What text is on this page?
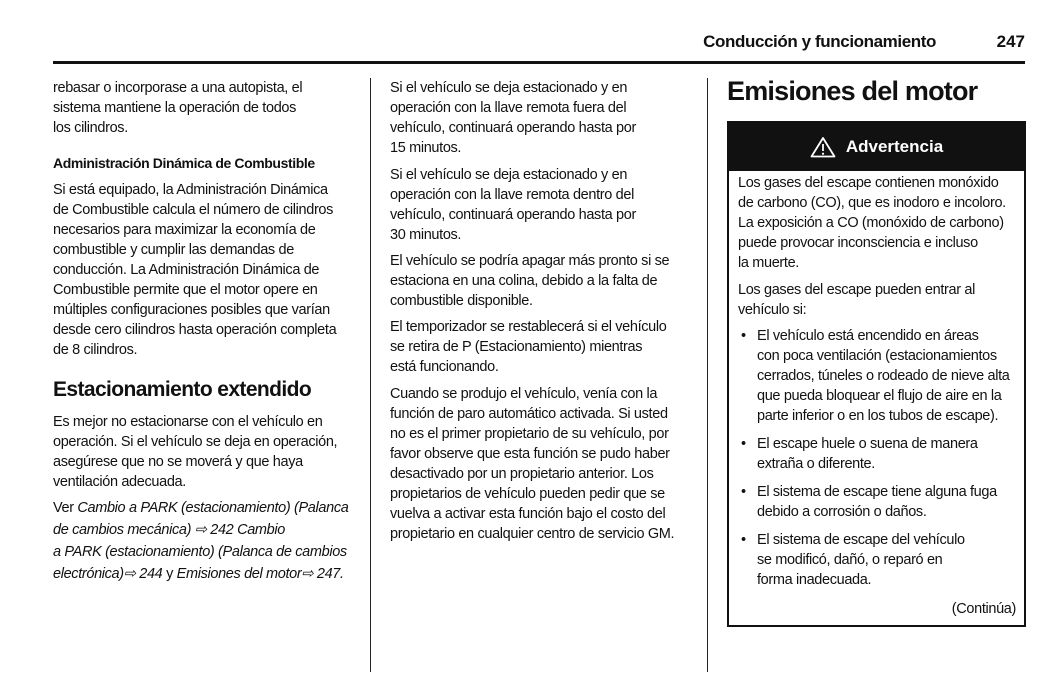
Conducción y funcionamiento	247
rebasar o incorporase a una autopista, el
sistema mantiene la operación de todos
los cilindros.
Administración Dinámica de Combustible
Si está equipado, la Administración Dinámica
de Combustible calcula el número de cilindros
necesarios para maximizar la economía de
combustible y cumplir las demandas de
conducción. La Administración Dinámica de
Combustible permite que el motor opere en
múltiples configuraciones posibles que varían
desde cero cilindros hasta operación completa
de 8 cilindros.
Estacionamiento extendido
Es mejor no estacionarse con el vehículo en
operación. Si el vehículo se deja en operación,
asegúrese que no se moverá y que haya
ventilación adecuada.
Ver Cambio a PARK (estacionamiento) (Palanca
de cambios mecánica) ⇨ 242 Cambio
a PARK (estacionamiento) (Palanca de cambios
electrónica)⇨ 244 y Emisiones del motor⇨ 247.
Si el vehículo se deja estacionado y en
operación con la llave remota fuera del
vehículo, continuará operando hasta por
15 minutos.
Si el vehículo se deja estacionado y en
operación con la llave remota dentro del
vehículo, continuará operando hasta por
30 minutos.
El vehículo se podría apagar más pronto si se
estaciona en una colina, debido a la falta de
combustible disponible.
El temporizador se restablecerá si el vehículo
se retira de P (Estacionamiento) mientras
está funcionando.
Cuando se produjo el vehículo, venía con la
función de paro automático activada. Si usted
no es el primer propietario de su vehículo, por
favor observe que esta función se pudo haber
desactivado por un propietario anterior. Los
propietarios de vehículo pueden pedir que se
vuelva a activar esta función bajo el costo del
propietario en cualquier centro de servicio GM.
Emisiones del motor
Advertencia
Los gases del escape contienen monóxido
de carbono (CO), que es inodoro e incoloro.
La exposición a CO (monóxido de carbono)
puede provocar inconsciencia e incluso
la muerte.
Los gases del escape pueden entrar al
vehículo si:
• El vehículo está encendido en áreas
con poca ventilación (estacionamientos
cerrados, túneles o rodeado de nieve alta
que pueda bloquear el flujo de aire en la
parte inferior o en los tubos de escape).
• El escape huele o suena de manera
extraña o diferente.
• El sistema de escape tiene alguna fuga
debido a corrosión o daños.
• El sistema de escape del vehículo
se modificó, dañó, o reparó en
forma inadecuada.
(Continúa)
